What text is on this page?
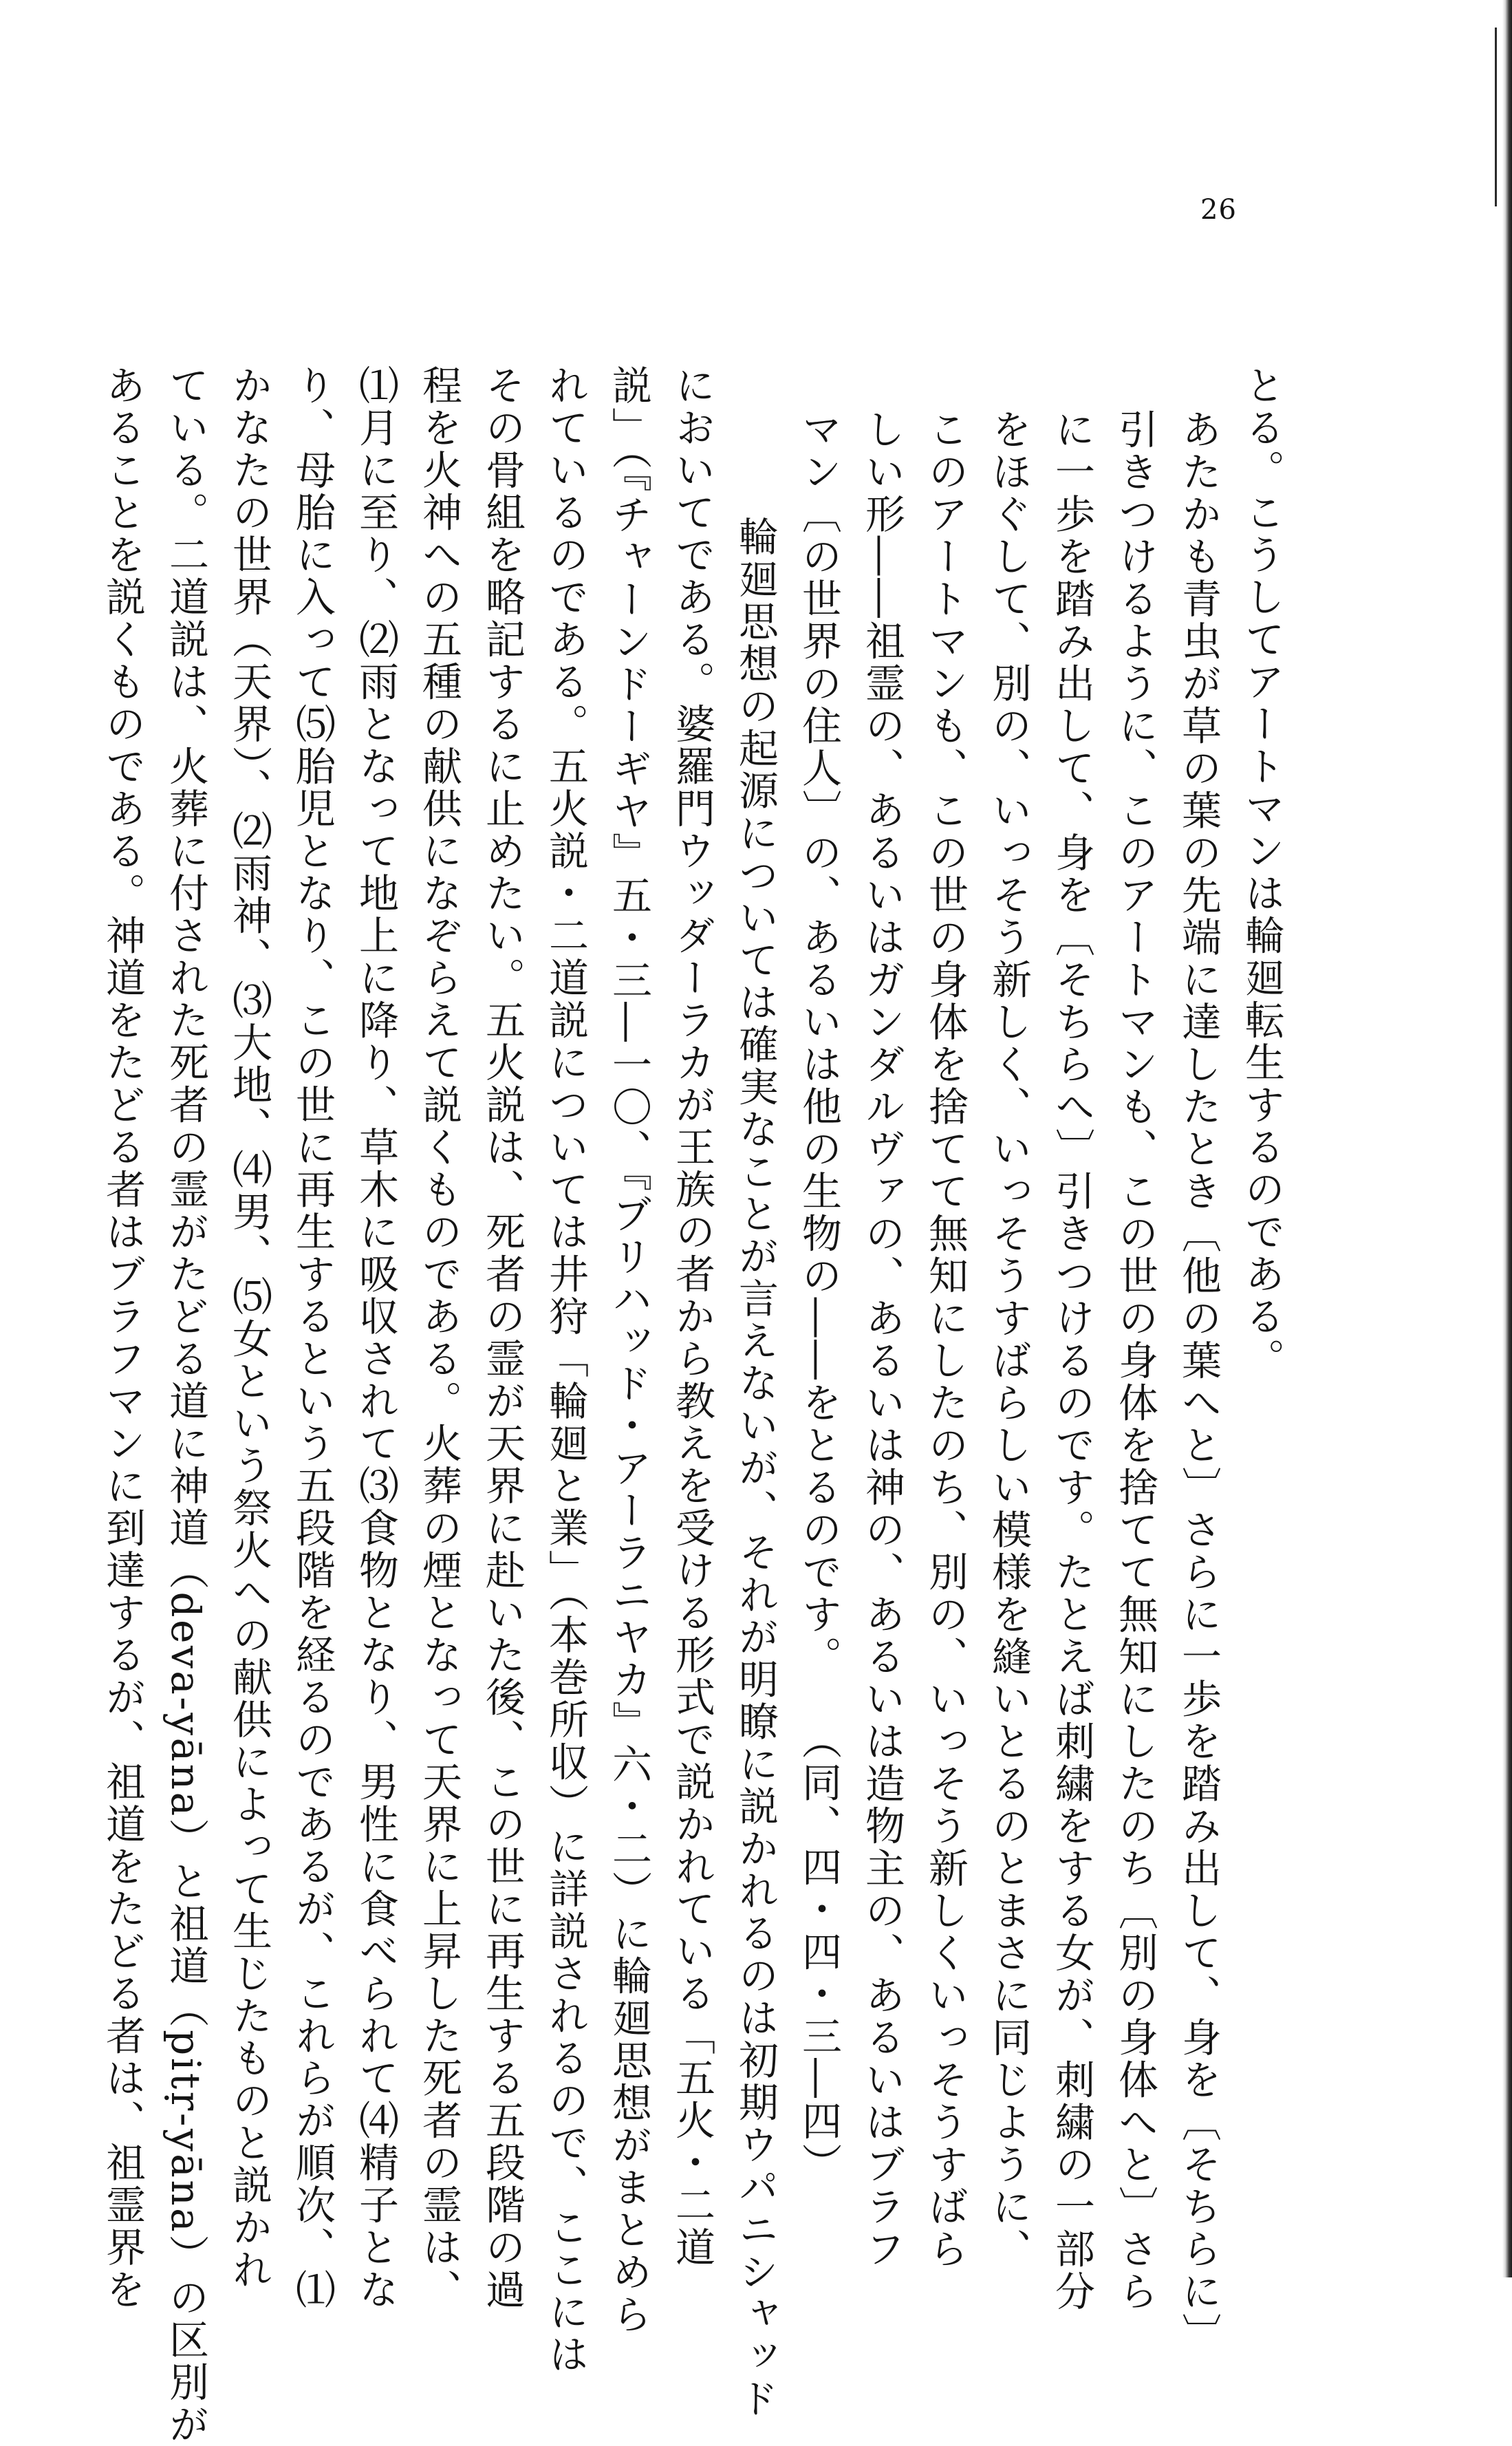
26
とる。こうしてアートマンは輪廻転生するのである。
あたかも青虫が草の葉の先端に達したとき〔他の葉へと〕さらに一歩を踏み出して、身を〔そちらに〕
引きつけるように、このアートマンも、この世の身体を捨てて無知にしたのち〔別の身体へと〕さら
に一歩を踏み出して、身を〔そちらへ〕引きつけるのです。たとえば刺繍をする女が、刺繍の一部分
をほぐして、別の、いっそう新しく、いっそうすばらしい模様を縫いとるのとまさに同じように、
このアートマンも、この世の身体を捨てて無知にしたのち、別の、いっそう新しくいっそうすばら
しい形――祖霊の、あるいはガンダルヴァの、あるいは神の、あるいは造物主の、あるいはブラフ
マン〔の世界の住人〕の、あるいは他の生物の――をとるのです。（同、四・四・三―四）
輪廻思想の起源については確実なことが言えないが、それが明瞭に説かれるのは初期ウパニシャッド
においてである。婆羅門ウッダーラカが王族の者から教えを受ける形式で説かれている「五火・二道
説」（『チャーンドーギヤ』五・三―一〇、『ブリハッド・アーラニヤカ』六・二）に輪廻思想がまとめら
れているのである。五火説・二道説については井狩「輪廻と業」（本巻所収）に詳説されるので、ここには
その骨組を略記するに止めたい。五火説は、死者の霊が天界に赴いた後、この世に再生する五段階の過
程を火神への五種の献供になぞらえて説くものである。火葬の煙となって天界に上昇した死者の霊は、
⑴月に至り、⑵雨となって地上に降り、草木に吸収されて⑶食物となり、男性に食べられて⑷精子とな
り、母胎に入って⑸胎児となり、この世に再生するという五段階を経るのであるが、これらが順次、⑴
かなたの世界（天界）、⑵雨神、⑶大地、⑷男、⑸女という祭火への献供によって生じたものと説かれ
ている。二道説は、火葬に付された死者の霊がたどる道に神道（deva-yāna）と祖道（pitṛ-yāna）の区別が
あることを説くものである。神道をたどる者はブラフマンに到達するが、祖道をたどる者は、祖霊界を
